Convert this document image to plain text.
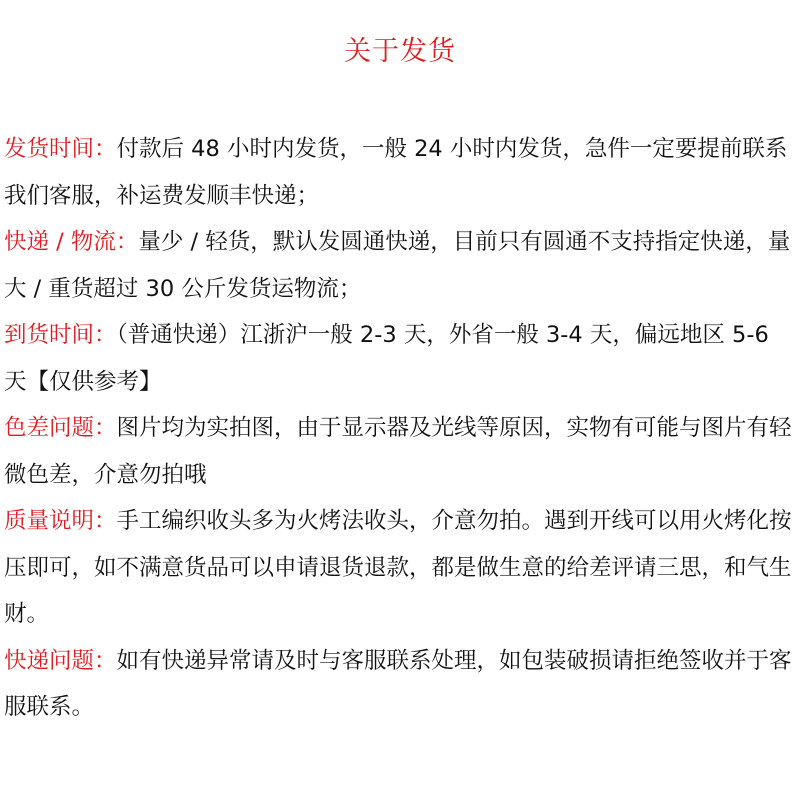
关于发货

发货时间：付款后 48 小时内发货，一般 24 小时内发货，急件一定要提前联系我们客服，补运费发顺丰快递；

快递 / 物流：量少 / 轻货，默认发圆通快递，目前只有圆通不支持指定快递，量大 / 重货超过 30 公斤发货运物流；

到货时间：（普通快递）江浙沪一般 2-3 天，外省一般 3-4 天，偏远地区 5-6 天【仅供参考】

色差问题：图片均为实拍图，由于显示器及光线等原因，实物有可能与图片有轻微色差，介意勿拍哦

质量说明：手工编织收头多为火烤法收头，介意勿拍。遇到开线可以用火烤化按压即可，如不满意货品可以申请退货退款，都是做生意的给差评请三思，和气生财。

快递问题：如有快递异常请及时与客服联系处理，如包装破损请拒绝签收并于客服联系。
